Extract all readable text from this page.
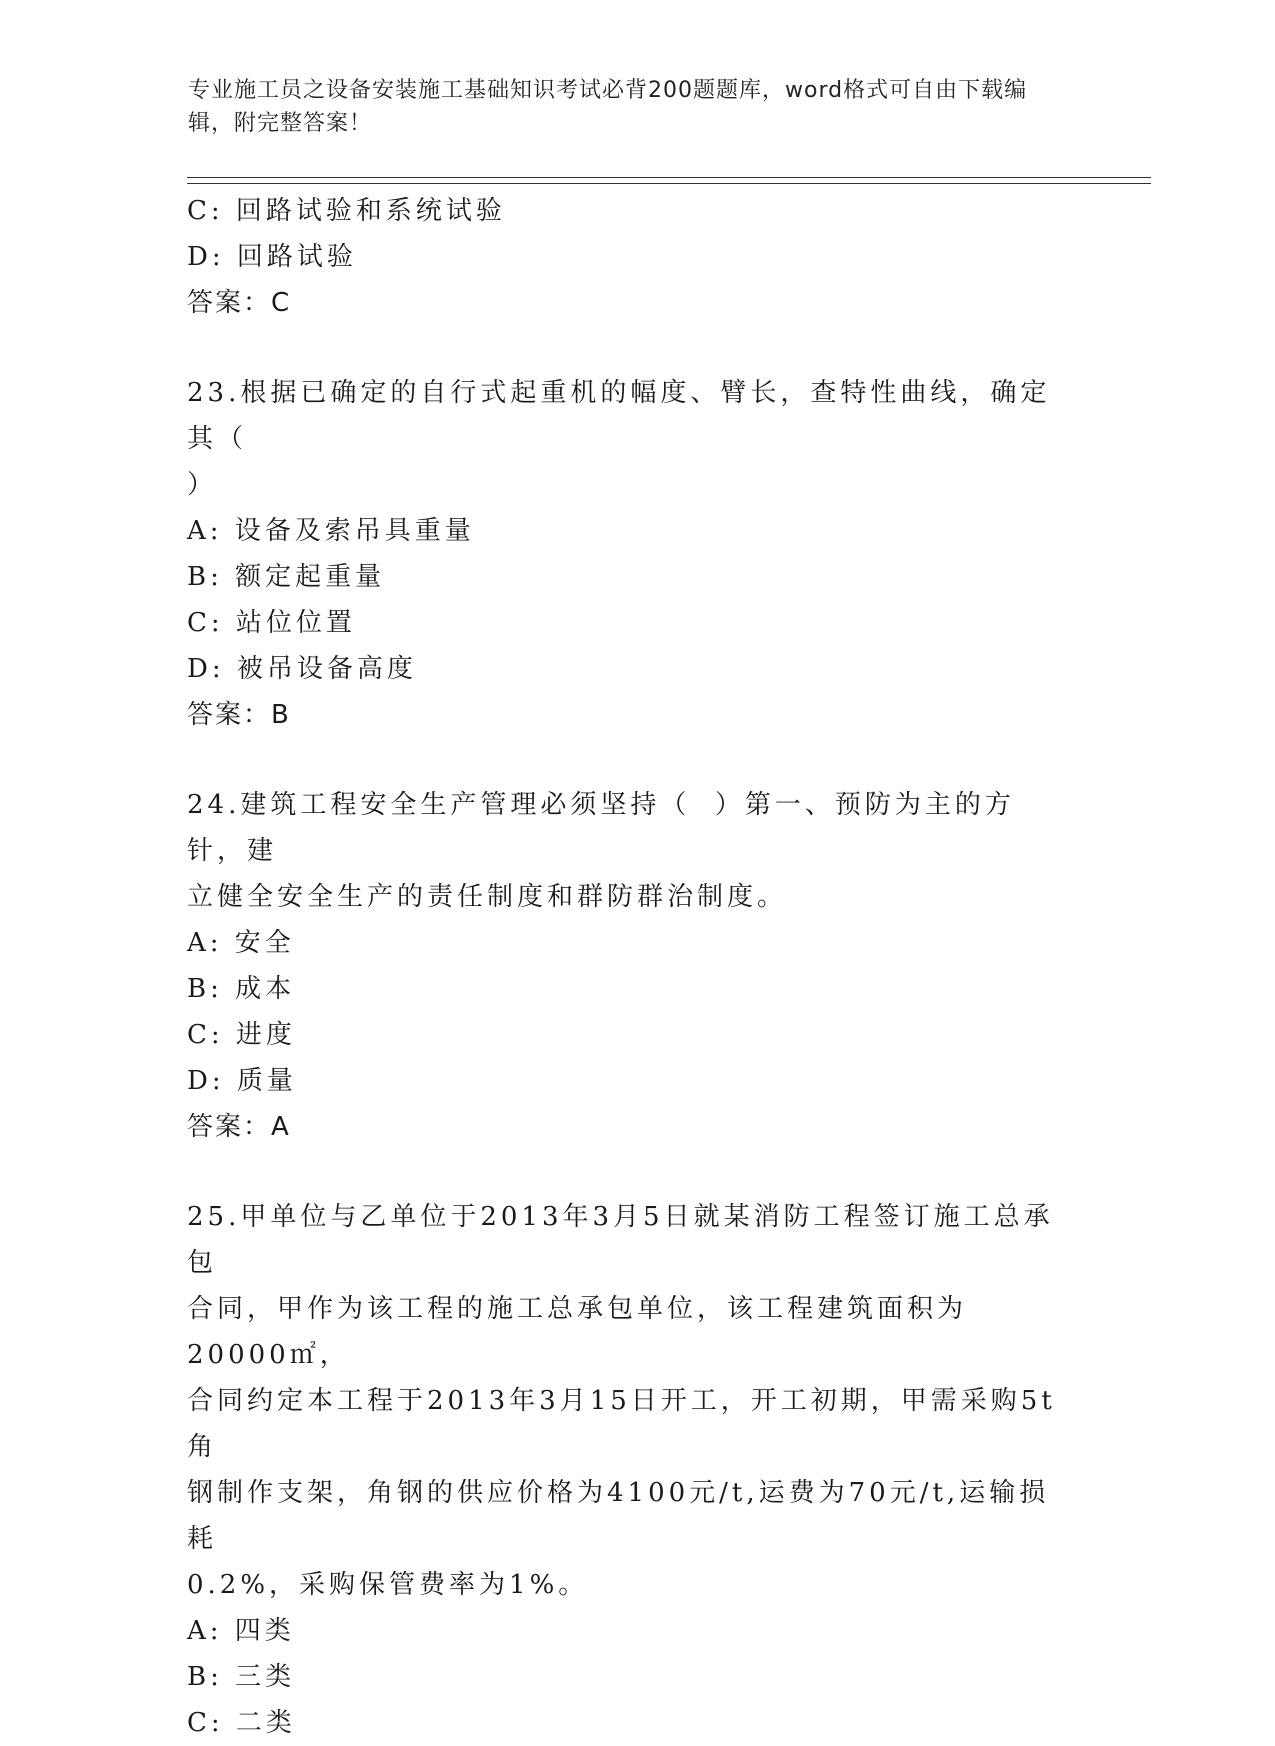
专业施工员之设备安装施工基础知识考试必背200题题库，word格式可自由下载编辑，附完整答案！
C: 回路试验和系统试验
D: 回路试验
答案：C
23.根据已确定的自行式起重机的幅度、臂长，查特性曲线，确定其（
）
A: 设备及索吊具重量
B: 额定起重量
C: 站位位置
D: 被吊设备高度
答案：B
24.建筑工程安全生产管理必须坚持（  ）第一、预防为主的方针，建
立健全安全生产的责任制度和群防群治制度。
A: 安全
B: 成本
C: 进度
D: 质量
答案：A
25.甲单位与乙单位于2013年3月5日就某消防工程签订施工总承包
合同，甲作为该工程的施工总承包单位，该工程建筑面积为20000㎡，
合同约定本工程于2013年3月15日开工，开工初期，甲需采购5t角
钢制作支架，角钢的供应价格为4100元/t,运费为70元/t,运输损耗
0.2%，采购保管费率为1%。
A: 四类
B: 三类
C: 二类
